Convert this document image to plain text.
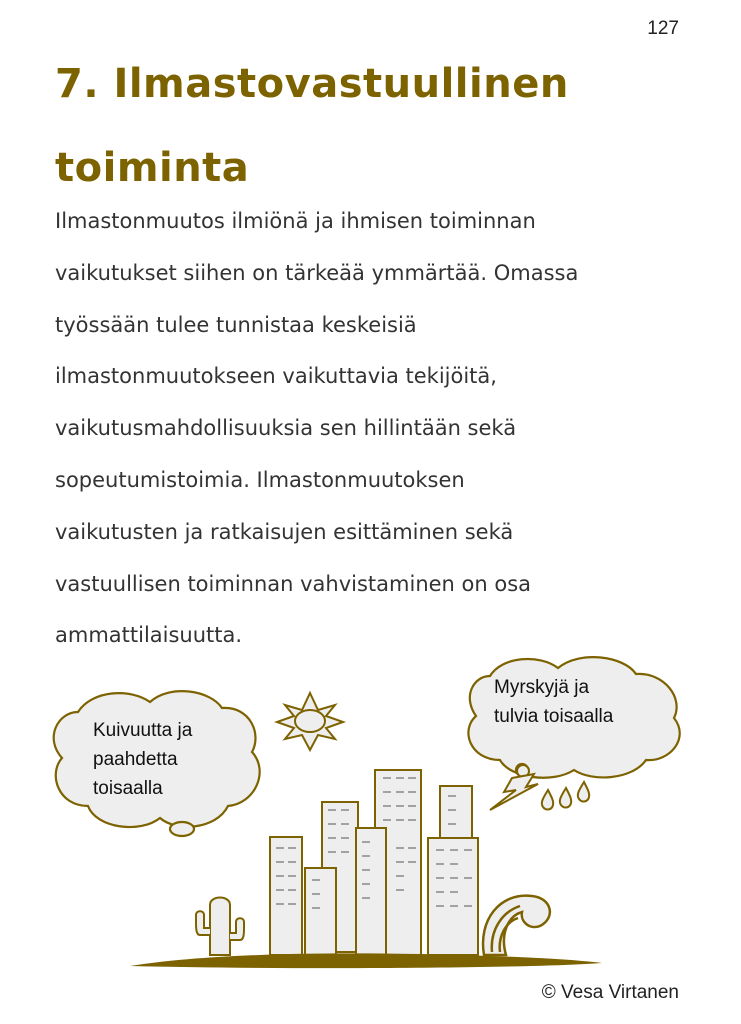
127
7. Ilmastovastuullinen
toiminta
Ilmastonmuutos ilmiönä ja ihmisen toiminnan
vaikutukset siihen on tärkeää ymmärtää. Omassa
työssään tulee tunnistaa keskeisiä
ilmastonmuutokseen vaikuttavia tekijöitä,
vaikutusmahdollisuuksia sen hillintään sekä
sopeutumistoimia. Ilmastonmuutoksen
vaikutusten ja ratkaisujen esittäminen sekä
vastuullisen toiminnan vahvistaminen on osa
ammattilaisuutta.
Kuivuutta ja
paahdetta
toisaalla
Myrskyjä ja
tulvia toisaalla
© Vesa Virtanen
